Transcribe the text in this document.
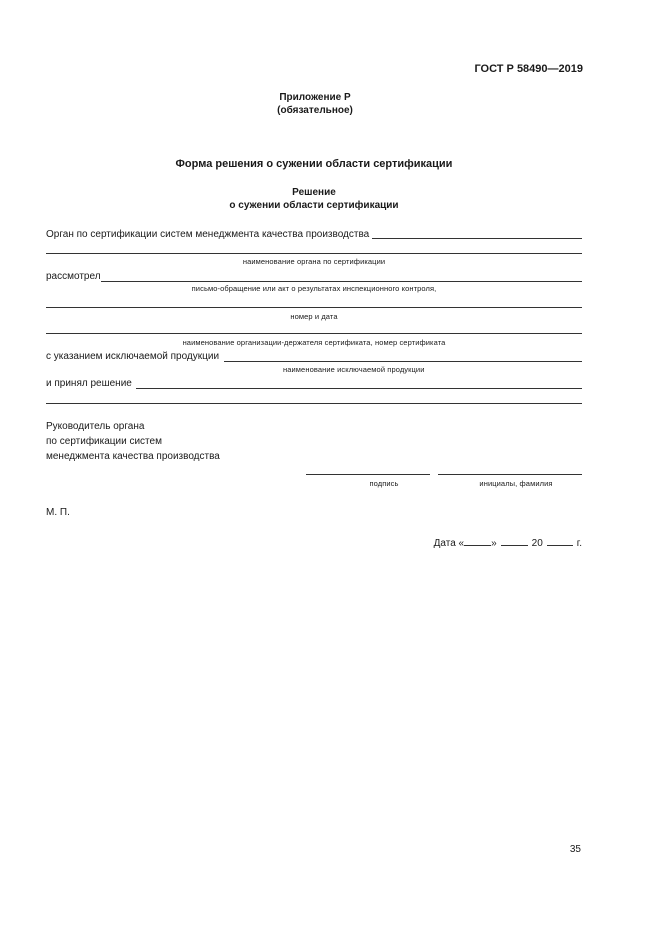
ГОСТ Р 58490—2019
Приложение Р
(обязательное)
Форма решения о сужении области сертификации
Решение
о сужении области сертификации
Орган по сертификации систем менеджмента качества производства
наименование органа по сертификации
рассмотрел
письмо-обращение или акт о результатах инспекционного контроля,
номер и дата
наименование организации-держателя сертификата, номер сертификата
с указанием исключаемой продукции
наименование исключаемой продукции
и принял решение
Руководитель органа
по сертификации систем
менеджмента качества производства
подпись	инициалы, фамилия
М. П.
Дата «	»	20	г.
35
